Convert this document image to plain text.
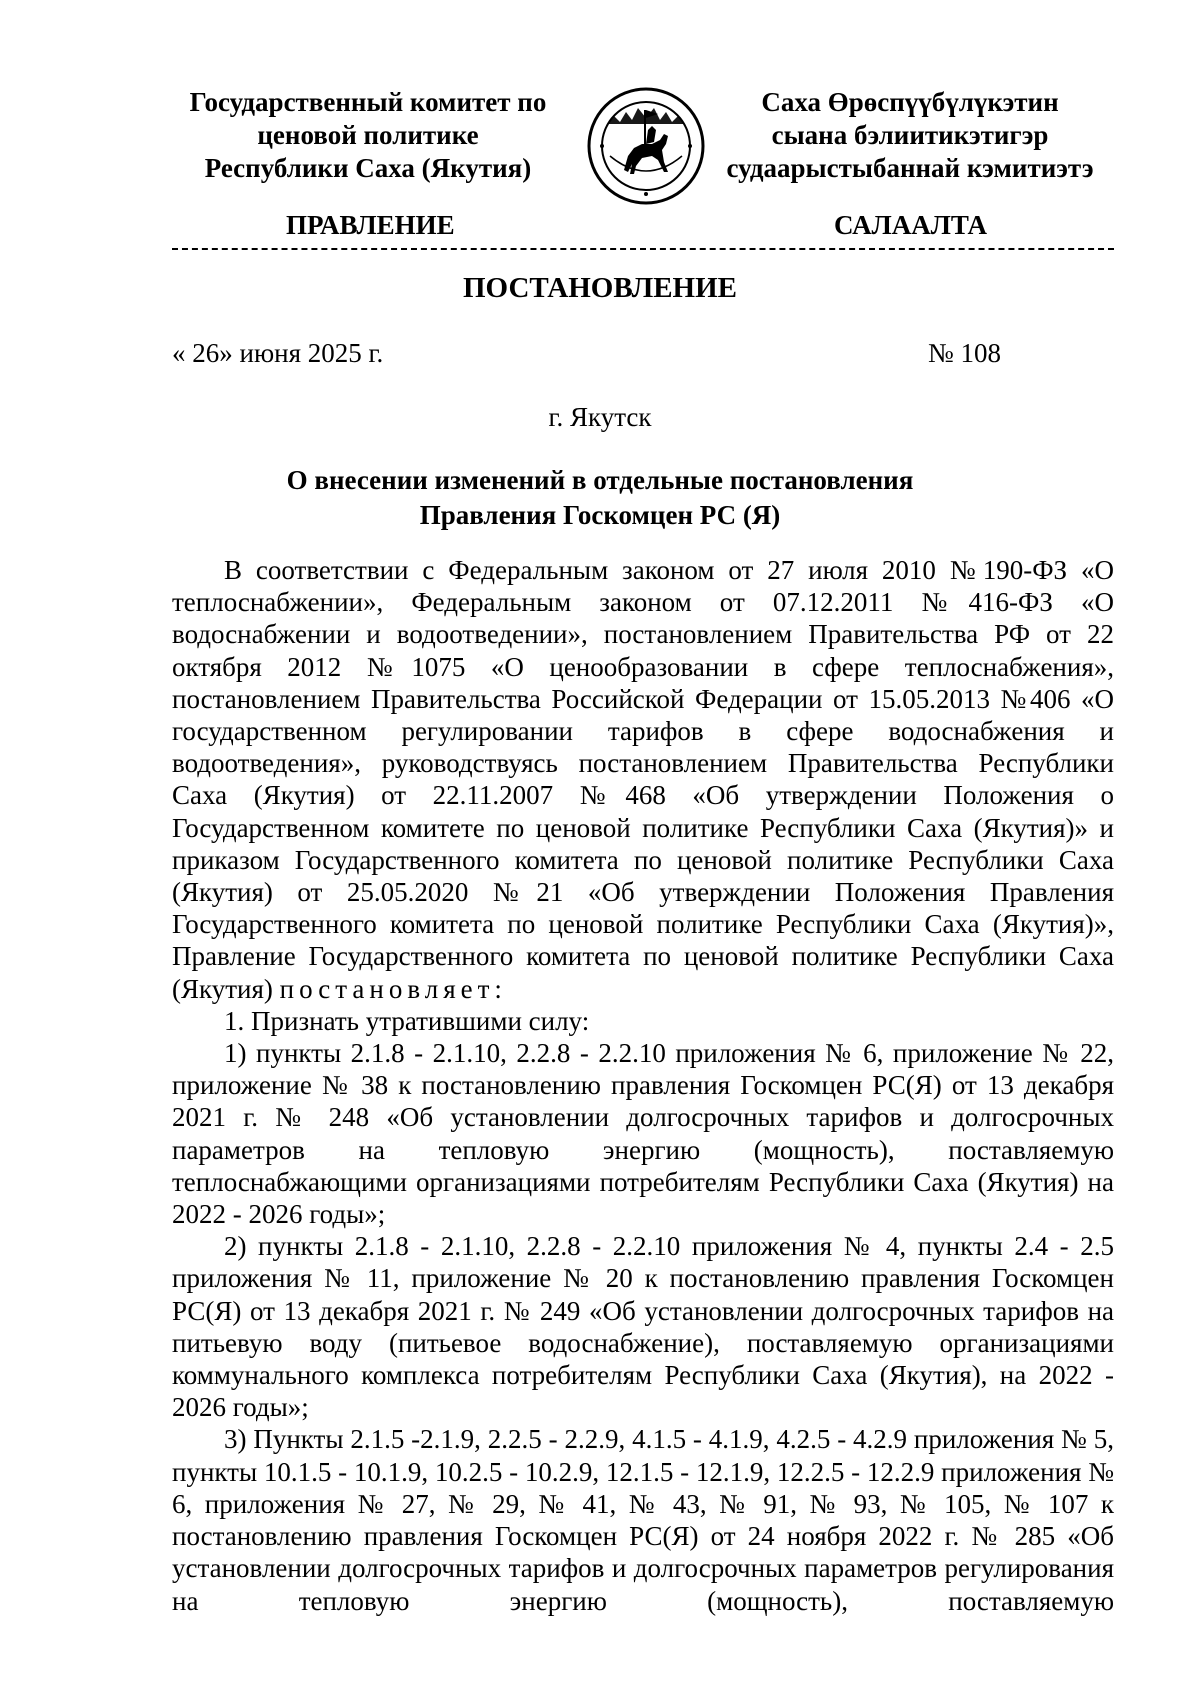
Государственный комитет по
ценовой политике
Республики Саха (Якутия)
Саха Өрөспүүбүлүкэтин
сыана бэлиитикэтигэр
судаарыстыбаннай кэмитиэтэ
ПРАВЛЕНИЕ	САЛААЛТА
ПОСТАНОВЛЕНИЕ
« 26» июня 2025 г.	№ 108
г. Якутск
О внесении изменений в отдельные постановления
Правления Госкомцен РС (Я)

В соответствии с Федеральным законом от 27 июля 2010 №190-ФЗ «О теплоснабжении», Федеральным законом от 07.12.2011 №416-ФЗ «О водоснабжении и водоотведении», постановлением Правительства РФ от 22 октября 2012 №1075 «О ценообразовании в сфере теплоснабжения», постановлением Правительства Российской Федерации от 15.05.2013 №406 «О государственном регулировании тарифов в сфере водоснабжения и водоотведения», руководствуясь постановлением Правительства Республики Саха (Якутия) от 22.11.2007 №468 «Об утверждении Положения о Государственном комитете по ценовой политике Республики Саха (Якутия)» и приказом Государственного комитета по ценовой политике Республики Саха (Якутия) от 25.05.2020 №21 «Об утверждении Положения Правления Государственного комитета по ценовой политике Республики Саха (Якутия)», Правление Государственного комитета по ценовой политике Республики Саха (Якутия) постановляет:

1. Признать утратившими силу:

1) пункты 2.1.8 - 2.1.10, 2.2.8 - 2.2.10 приложения № 6, приложение № 22, приложение № 38 к постановлению правления Госкомцен РС(Я) от 13 декабря 2021 г. № 248 «Об установлении долгосрочных тарифов и долгосрочных параметров на тепловую энергию (мощность), поставляемую теплоснабжающими организациями потребителям Республики Саха (Якутия) на 2022 - 2026 годы»;

2) пункты 2.1.8 - 2.1.10, 2.2.8 - 2.2.10 приложения № 4, пункты 2.4 - 2.5 приложения № 11, приложение № 20 к постановлению правления Госкомцен РС(Я) от 13 декабря 2021 г. № 249 «Об установлении долгосрочных тарифов на питьевую воду (питьевое водоснабжение), поставляемую организациями коммунального комплекса потребителям Республики Саха (Якутия), на 2022 - 2026 годы»;

3) Пункты 2.1.5 -2.1.9, 2.2.5 - 2.2.9, 4.1.5 - 4.1.9, 4.2.5 - 4.2.9 приложения № 5, пункты 10.1.5 - 10.1.9, 10.2.5 - 10.2.9, 12.1.5 - 12.1.9, 12.2.5 - 12.2.9 приложения № 6, приложения № 27, № 29, № 41, № 43, № 91, № 93, № 105, № 107 к постановлению правления Госкомцен РС(Я) от 24 ноября 2022 г. № 285 «Об установлении долгосрочных тарифов и долгосрочных параметров регулирования на тепловую энергию (мощность), поставляемую
